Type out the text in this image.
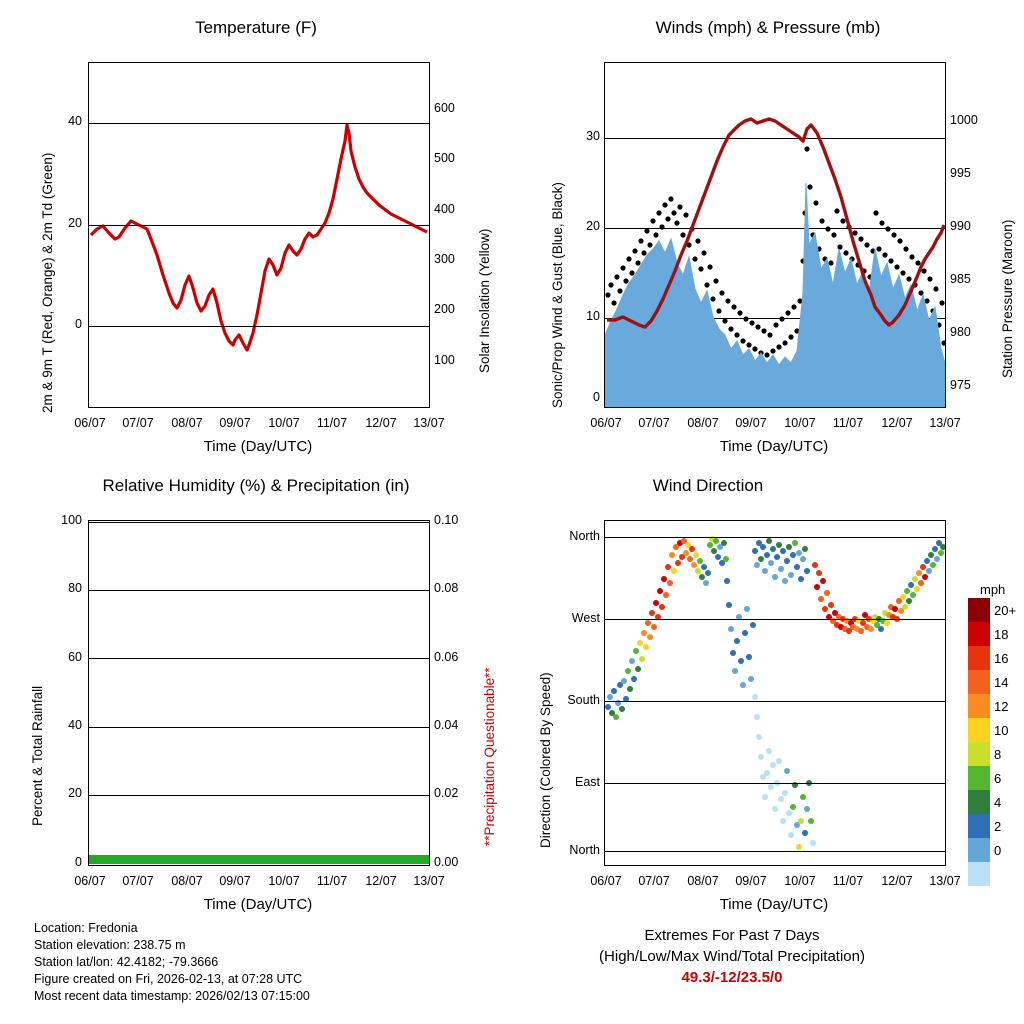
Temperature (F)
2m & 9m T (Red, Orange) & 2m Td (Green)	Solar Insolation (Yellow)
40
20
0
600
500
400
300
200
100
06/07	07/07	08/07	09/07	10/07	11/07	12/07	13/07
Time (Day/UTC)
Winds (mph) & Pressure (mb)
Sonic/Prop Wind & Gust (Blue, Black)	Station Pressure (Maroon)
30
20
10
0
1000
995
990
985
980
975
06/07	07/07	08/07	09/07	10/07	11/07	12/07	13/07
Time (Day/UTC)
Relative Humidity (%) & Precipitation (in)
Percent & Total Rainfall	**Precipitation Questionable**
100
80
60
40
20
0
0.10
0.08
0.06
0.04
0.02
0.00
06/07	07/07	08/07	09/07	10/07	11/07	12/07	13/07
Time (Day/UTC)
Wind Direction
Direction (Colored By Speed)
North
West
South
East
North
06/07	07/07	08/07	09/07	10/07	11/07	12/07	13/07
Time (Day/UTC)
mph
20+
18
16
14
12
10
8
6
4
2
0
Location: Fredonia
Station elevation: 238.75 m
Station lat/lon: 42.4182; -79.3666
Figure created on Fri, 2026-02-13, at 07:28 UTC
Most recent data timestamp: 2026/02/13 07:15:00
Extremes For Past 7 Days
(High/Low/Max Wind/Total Precipitation)
49.3/-12/23.5/0
